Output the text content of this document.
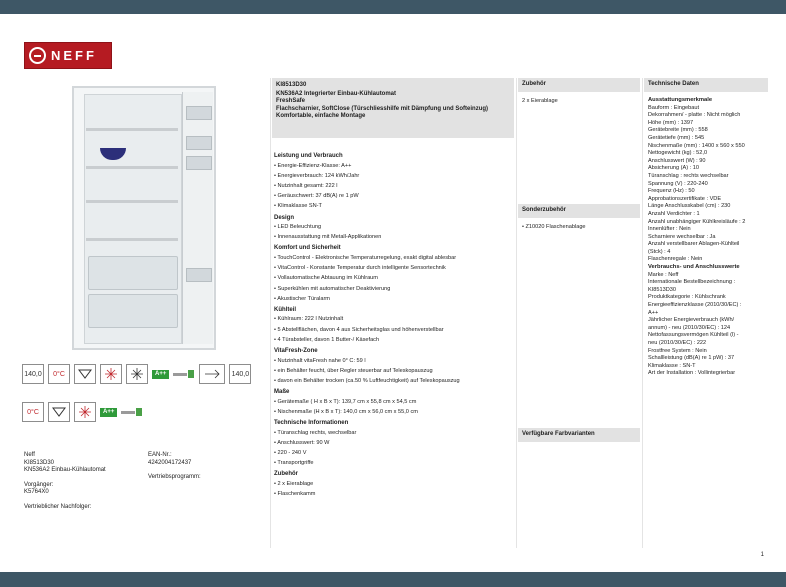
NEFF
140,0	0°C	A++	140,0
0°C	A++
Neff
KI8513D30
KN536A2 Einbau-Kühlautomat
Vorgänger:
K5764X0
Vertrieblicher Nachfolger:
EAN-Nr.:
4242004172437
Vertriebsprogramm:
KI8513D30
KN536A2 Integrierter Einbau-Kühlautomat
FreshSafe
Flachscharnier, SoftClose (Türschliesshilfe mit Dämpfung und Softeinzug)
Komfortable, einfache Montage
Leistung und Verbrauch
• Energie-Effizienz-Klasse: A++
• Energieverbrauch: 124 kWh/Jahr
• Nutzinhalt gesamt: 222 l
• Geräuschwert: 37 dB(A) re 1 pW
• Klimaklasse SN-T
Design
• LED Beleuchtung
• Innenausstattung mit Metall-Applikationen
Komfort und Sicherheit
• TouchControl - Elektronische Temperaturregelung, exakt digital ablesbar
• VitaControl - Konstante Temperatur durch intelligente Sensortechnik
• Vollautomatische Abtauung im Kühlraum
• Superkühlen mit automatischer Deaktivierung
• Akustischer Türalarm
Kühlteil
• Kühlraum: 222 l Nutzinhalt
• 5 Abstellflächen, davon 4 aus Sicherheitsglas und höhenverstellbar
• 4 Türabsteller, davon 1 Butter-/ Käsefach
VitaFresh-Zone
• Nutzinhalt vitaFresh nahe 0° C: 59 l
• ein Behälter feucht, über Regler steuerbar auf Teleskopauszug
• davon ein Behälter trocken (ca.50 % Luftfeuchtigkeit) auf Teleskopauszug
Maße
• Gerätemaße ( H x B x T): 139,7 cm x 55,8 cm x 54,5 cm
• Nischenmaße (H x B x T): 140,0 cm x 56,0 cm x 55,0 cm
Technische Informationen
• Türanschlag rechts, wechselbar
• Anschlusswert: 90 W
• 220 - 240 V
• Transportgriffe
Zubehör
• 2 x Eierablage
• Flaschenkamm
Zubehör
2 x Eierablage
Sonderzubehör
• Z10020 Flaschenablage
Verfügbare Farbvarianten
Technische Daten
Ausstattungsmerkmale
Bauform : Eingebaut
Dekorrahmen/ - platte : Nicht möglich
Höhe (mm) : 1397
Gerätebreite (mm) : 558
Gerätetiefe (mm) : 545
Nischenmaße (mm) : 1400 x 560 x 550
Nettogewicht (kg) : 52,0
Anschlusswert (W) : 90
Absicherung (A) : 10
Türanschlag : rechts wechselbar
Spannung (V) : 220-240
Frequenz (Hz) : 50
Approbationszertifikate : VDE
Länge Anschlusskabel (cm) : 230
Anzahl Verdichter : 1
Anzahl unabhängiger Kühlkreisläufe : 2
Innenlüfter : Nein
Scharniere wechselbar : Ja
Anzahl verstellbarer Ablagen-Kühlteil
(Stck) : 4
Flaschenregale : Nein
Verbrauchs- und Anschlusswerte
Marke : Neff
Internationale Bestellbezeichnung :
KI8513D30
Produktkategorie : Kühlschrank
Energieeffizienzklasse (2010/30/EC) :
A++
Jährlicher Energieverbrauch (kWh/
annum) - neu (2010/30/EC) : 124
Nettofassungsvermögen Kühlteil (l) -
neu (2010/30/EC) : 222
Frostfree System : Nein
Schallleistung (dB(A) re 1 pW) : 37
Klimaklasse : SN-T
Art der Installation : Vollintegrierbar
1
